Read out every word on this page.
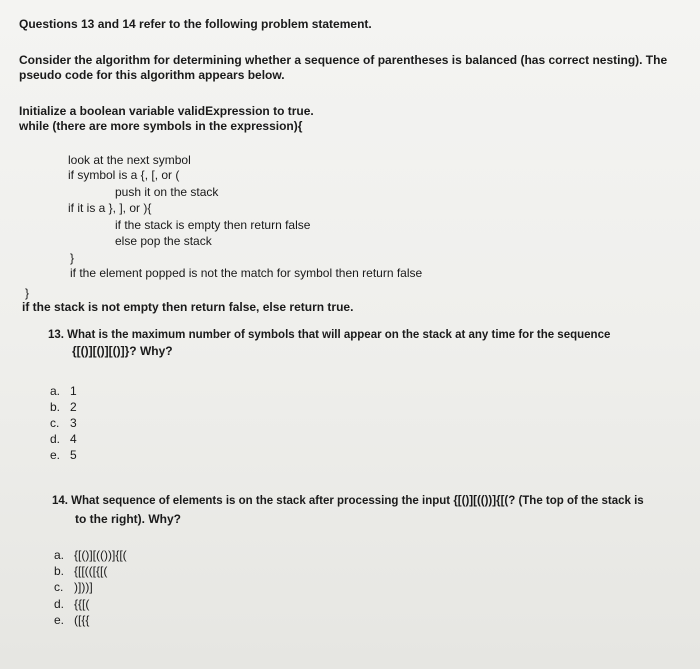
Questions 13 and 14 refer to the following problem statement.
Consider the algorithm for determining whether a sequence of parentheses is balanced (has correct nesting). The
pseudo code for this algorithm appears below.
Initialize a boolean variable validExpression to true.
while (there are more symbols in the expression){
look at the next symbol
if symbol is a {, [, or (
push it on the stack
if it is a }, ], or ){
if the stack is empty then return false
else pop the stack
}
if the element popped is not the match for symbol then return false
}
if the stack is not empty then return false, else return true.
13. What is the maximum number of symbols that will appear on the stack at any time for the sequence
{[()][()][()]}? Why?
a. 1
b. 2
c. 3
d. 4
e. 5
14. What sequence of elements is on the stack after processing the input {[()][(())]{[(? (The top of the stack is
to the right). Why?
a. {[()][(())]{[(
b. {[[(([{[(
c. )]))]
d. {{[(
e. ([{{
